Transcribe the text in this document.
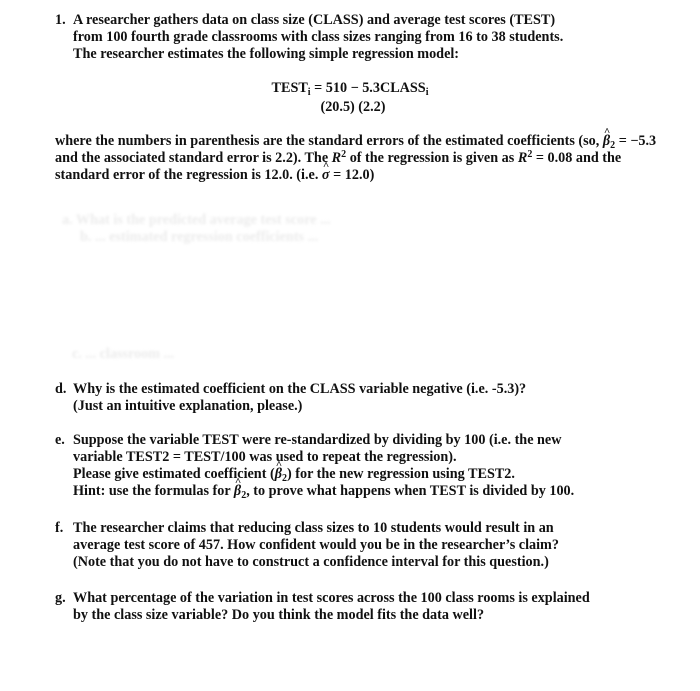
1. A researcher gathers data on class size (CLASS) and average test scores (TEST)
from 100 fourth grade classrooms with class sizes ranging from 16 to 38 students.
The researcher estimates the following simple regression model:
$TEST_i = 510$ − $5.3CLASS_i$
(20.5) (2.2)
where the numbers in parenthesis are the standard errors of the estimated coefficients (so, ^ $\beta_2 = -5.3$
and the associated standard error is 2.2). The $R^2$ of the regression is given as $R^2 = 0.08$ and the
standard error of the regression is 12.0. (i.e. ^ σ = 12.0)
a. What is the predicted average test score ...
b. ... estimated regression coefficients ...
c. ... classroom ...
d. Why is the estimated coefficient on the CLASS variable negative (i.e. -5.3)?
(Just an intuitive explanation, please.)
e. Suppose the variable TEST were re-standardized by dividing by 100 (i.e. the new
variable TEST2 = TEST/100 was used to repeat the regression).
Please give estimated coefficient (^ $\beta_2$) for the new regression using TEST2.
Hint: use the formulas for ^ $\beta_2$, to prove what happens when TEST is divided by 100.
f. The researcher claims that reducing class sizes to 10 students would result in an
average test score of 457. How confident would you be in the researcher’s claim?
(Note that you do not have to construct a confidence interval for this question.)
g. What percentage of the variation in test scores across the 100 class rooms is explained
by the class size variable? Do you think the model fits the data well?
